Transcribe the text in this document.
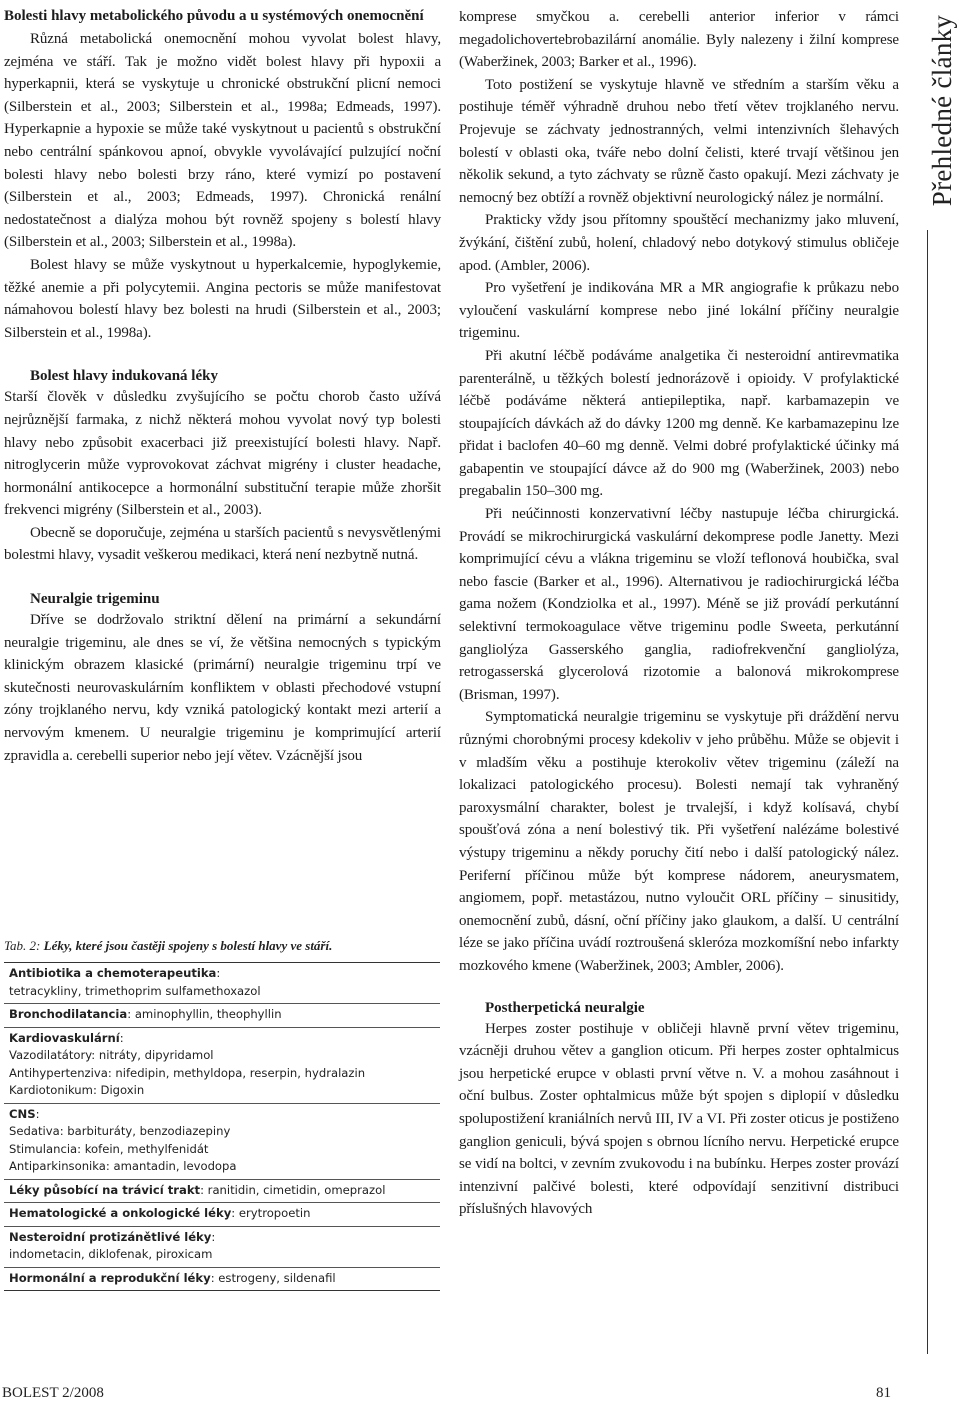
Přehledné články
Bolesti hlavy metabolického původu a u systémových onemocnění

Různá metabolická onemocnění mohou vyvolat bolest hlavy, zejména ve stáří. Tak je možno vidět bolest hlavy při hypoxii a hyperkapnii, která se vyskytuje u chronické obstrukční plicní nemoci (Silberstein et al., 2003; Silberstein et al., 1998a; Edmeads, 1997). Hyperkapnie a hypoxie se může také vyskytnout u pacientů s obstrukční nebo centrální spánkovou apnoí, obvykle vyvolávající pulzující noční bolesti hlavy nebo bolesti brzy ráno, které vymizí po postavení (Silberstein et al., 2003; Edmeads, 1997). Chronická renální nedostatečnost a dialýza mohou být rovněž spojeny s bolestí hlavy (Silberstein et al., 2003; Silberstein et al., 1998a).

Bolest hlavy se může vyskytnout u hyperkalcemie, hypoglykemie, těžké anemie a při polycytemii. Angina pectoris se může manifestovat námahovou bolestí hlavy bez bolesti na hrudi (Silberstein et al., 2003; Silberstein et al., 1998a).

Bolest hlavy indukovaná léky

Starší člověk v důsledku zvyšujícího se počtu chorob často užívá nejrůznější farmaka, z nichž některá mohou vyvolat nový typ bolesti hlavy nebo způsobit exacerbaci již preexistující bolesti hlavy. Např. nitroglycerin může vyprovokovat záchvat migrény i cluster headache, hormonální antikocepce a hormonální substituční terapie může zhoršit frekvenci migrény (Silberstein et al., 2003).

Obecně se doporučuje, zejména u starších pacientů s nevysvětlenými bolestmi hlavy, vysadit veškerou medikaci, která není nezbytně nutná.

Neuralgie trigeminu

Dříve se dodržovalo striktní dělení na primární a sekundární neuralgie trigeminu, ale dnes se ví, že většina nemocných s typickým klinickým obrazem klasické (primární) neuralgie trigeminu trpí ve skutečnosti neurovaskulárním konfliktem v oblasti přechodové vstupní zóny trojklaného nervu, kdy vzniká patologický kontakt mezi arterií a nervovým kmenem. U neuralgie trigeminu je komprimující arterií zpravidla a. cerebelli superior nebo její větev. Vzácnější jsou

Tab. 2: Léky, které jsou častěji spojeny s bolestí hlavy ve stáří.
Antibiotika a chemoterapeutika:
tetracykliny, trimethoprim sulfamethoxazol
Bronchodilatancia: aminophyllin, theophyllin
Kardiovaskulární:
Vazodilatátory: nitráty, dipyridamol
Antihypertenziva: nifedipin, methyldopa, reserpin, hydralazin
Kardiotonikum: Digoxin
CNS:
Sedativa: barbituráty, benzodiazepiny
Stimulancia: kofein, methylfenidát
Antiparkinsonika: amantadin, levodopa
Léky působící na trávicí trakt: ranitidin, cimetidin, omeprazol
Hematologické a onkologické léky: erytropoetin
Nesteroidní protizánětlivé léky:
indometacin, diklofenak, piroxicam
Hormonální a reprodukční léky: estrogeny, sildenafil

komprese smyčkou a. cerebelli anterior inferior v rámci megadolichovertebrobazilární anomálie. Byly nalezeny i žilní komprese (Waberžinek, 2003; Barker et al., 1996).

Toto postižení se vyskytuje hlavně ve středním a starším věku a postihuje téměř výhradně druhou nebo třetí větev trojklaného nervu. Projevuje se záchvaty jednostranných, velmi intenzivních šlehavých bolestí v oblasti oka, tváře nebo dolní čelisti, které trvají většinou jen několik sekund, a tyto záchvaty se různě často opakují. Mezi záchvaty je nemocný bez obtíží a rovněž objektivní neurologický nález je normální.

Prakticky vždy jsou přítomny spouštěcí mechanizmy jako mluvení, žvýkání, čištění zubů, holení, chladový nebo dotykový stimulus obličeje apod. (Ambler, 2006).

Pro vyšetření je indikována MR a MR angiografie k průkazu nebo vyloučení vaskulární komprese nebo jiné lokální příčiny neuralgie trigeminu.

Při akutní léčbě podáváme analgetika či nesteroidní antirevmatika parenterálně, u těžkých bolestí jednorázově i opioidy. V profylaktické léčbě podáváme některá antiepileptika, např. karbamazepin ve stoupajících dávkách až do dávky 1200 mg denně. Ke karbamazepinu lze přidat i baclofen 40–60 mg denně. Velmi dobré profylaktické účinky má gabapentin ve stoupající dávce až do 900 mg (Waberžinek, 2003) nebo pregabalin 150–300 mg.

Při neúčinnosti konzervativní léčby nastupuje léčba chirurgická. Provádí se mikrochirurgická vaskulární dekomprese podle Janetty. Mezi komprimující cévu a vlákna trigeminu se vloží teflonová houbička, sval nebo fascie (Barker et al., 1996). Alternativou je radiochirurgická léčba gama nožem (Kondziolka et al., 1997). Méně se již provádí perkutánní selektivní termokoagulace větve trigeminu podle Sweeta, perkutánní gangliolýza Gasserského ganglia, radiofrekvenční gangliolýza, retrogasserská glycerolová rizotomie a balonová mikrokomprese (Brisman, 1997).

Symptomatická neuralgie trigeminu se vyskytuje při dráždění nervu různými chorobnými procesy kdekoliv v jeho průběhu. Může se objevit i v mladším věku a postihuje kterokoliv větev trigeminu (záleží na lokalizaci patologického procesu). Bolesti nemají tak vyhraněný paroxysmální charakter, bolest je trvalejší, i když kolísavá, chybí spoušťová zóna a není bolestivý tik. Při vyšetření nalézáme bolestivé výstupy trigeminu a někdy poruchy čití nebo i další patologický nález. Periferní příčinou může být komprese nádorem, aneurysmatem, angiomem, popř. metastázou, nutno vyloučit ORL příčiny – sinusitidy, onemocnění zubů, dásní, oční příčiny jako glaukom, a další. U centrální léze se jako příčina uvádí roztroušená skleróza mozkomíšní nebo infarkty mozkového kmene (Waberžinek, 2003; Ambler, 2006).

Postherpetická neuralgie

Herpes zoster postihuje v obličeji hlavně první větev trigeminu, vzácněji druhou větev a ganglion oticum. Při herpes zoster ophtalmicus jsou herpetické erupce v oblasti první větve n. V. a mohou zasáhnout i oční bulbus. Zoster ophtalmicus může být spojen s diplopií v důsledku spolupostižení kraniálních nervů III, IV a VI. Při zoster oticus je postiženo ganglion geniculi, bývá spojen s obrnou lícního nervu. Herpetické erupce se vidí na boltci, v zevním zvukovodu i na bubínku. Herpes zoster provází intenzivní palčivé bolesti, které odpovídají senzitivní distribuci příslušných hlavových

BOLEST 2/2008	81
